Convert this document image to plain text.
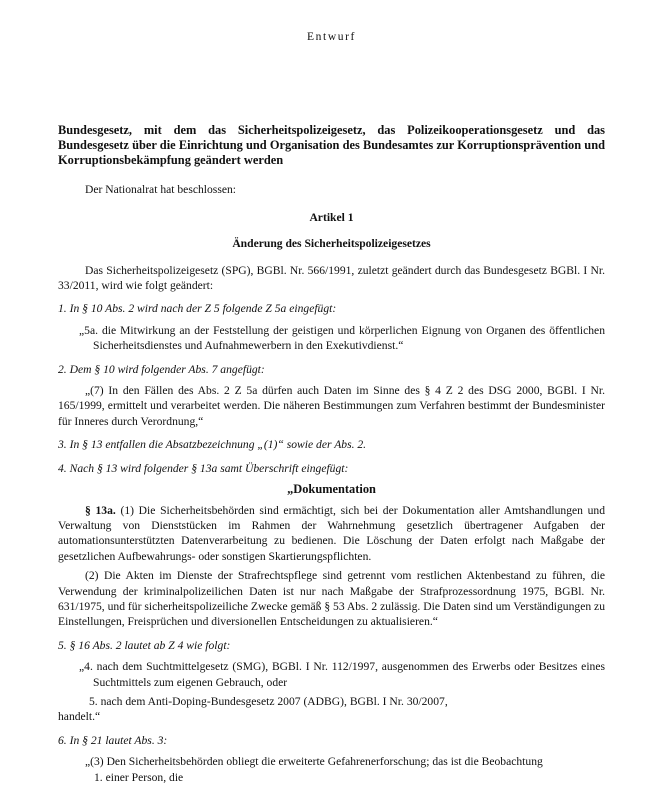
Entwurf

Bundesgesetz, mit dem das Sicherheitspolizeigesetz, das Polizeikooperationsgesetz und das Bundesgesetz über die Einrichtung und Organisation des Bundesamtes zur Korruptionsprävention und Korruptionsbekämpfung geändert werden

Der Nationalrat hat beschlossen:

Artikel 1

Änderung des Sicherheitspolizeigesetzes

Das Sicherheitspolizeigesetz (SPG), BGBl. Nr. 566/1991, zuletzt geändert durch das Bundesgesetz BGBl. I Nr. 33/2011, wird wie folgt geändert:

1. In § 10 Abs. 2 wird nach der Z 5 folgende Z 5a eingefügt:

„5a. die Mitwirkung an der Feststellung der geistigen und körperlichen Eignung von Organen des öffentlichen Sicherheitsdienstes und Aufnahmewerbern in den Exekutivdienst.“

2. Dem § 10 wird folgender Abs. 7 angefügt:

„(7) In den Fällen des Abs. 2 Z 5a dürfen auch Daten im Sinne des § 4 Z 2 des DSG 2000, BGBl. I Nr. 165/1999, ermittelt und verarbeitet werden. Die näheren Bestimmungen zum Verfahren bestimmt der Bundesminister für Inneres durch Verordnung,“

3. In § 13 entfallen die Absatzbezeichnung „(1)“ sowie der Abs. 2.

4. Nach § 13 wird folgender § 13a samt Überschrift eingefügt:

„Dokumentation

§ 13a. (1) Die Sicherheitsbehörden sind ermächtigt, sich bei der Dokumentation aller Amtshandlungen und Verwaltung von Dienststücken im Rahmen der Wahrnehmung gesetzlich übertragener Aufgaben der automationsunterstützten Datenverarbeitung zu bedienen. Die Löschung der Daten erfolgt nach Maßgabe der gesetzlichen Aufbewahrungs- oder sonstigen Skartierungspflichten.

(2) Die Akten im Dienste der Strafrechtspflege sind getrennt vom restlichen Aktenbestand zu führen, die Verwendung der kriminalpolizeilichen Daten ist nur nach Maßgabe der Strafprozessordnung 1975, BGBl. Nr. 631/1975, und für sicherheitspolizeiliche Zwecke gemäß § 53 Abs. 2 zulässig. Die Daten sind um Verständigungen zu Einstellungen, Freisprüchen und diversionellen Entscheidungen zu aktualisieren.“

5. § 16 Abs. 2 lautet ab Z 4 wie folgt:

„4. nach dem Suchtmittelgesetz (SMG), BGBl. I Nr. 112/1997, ausgenommen des Erwerbs oder Besitzes eines Suchtmittels zum eigenen Gebrauch, oder

5. nach dem Anti-Doping-Bundesgesetz 2007 (ADBG), BGBl. I Nr. 30/2007,

handelt.“

6. In § 21 lautet Abs. 3:

„(3) Den Sicherheitsbehörden obliegt die erweiterte Gefahrenerforschung; das ist die Beobachtung

1. einer Person, die
